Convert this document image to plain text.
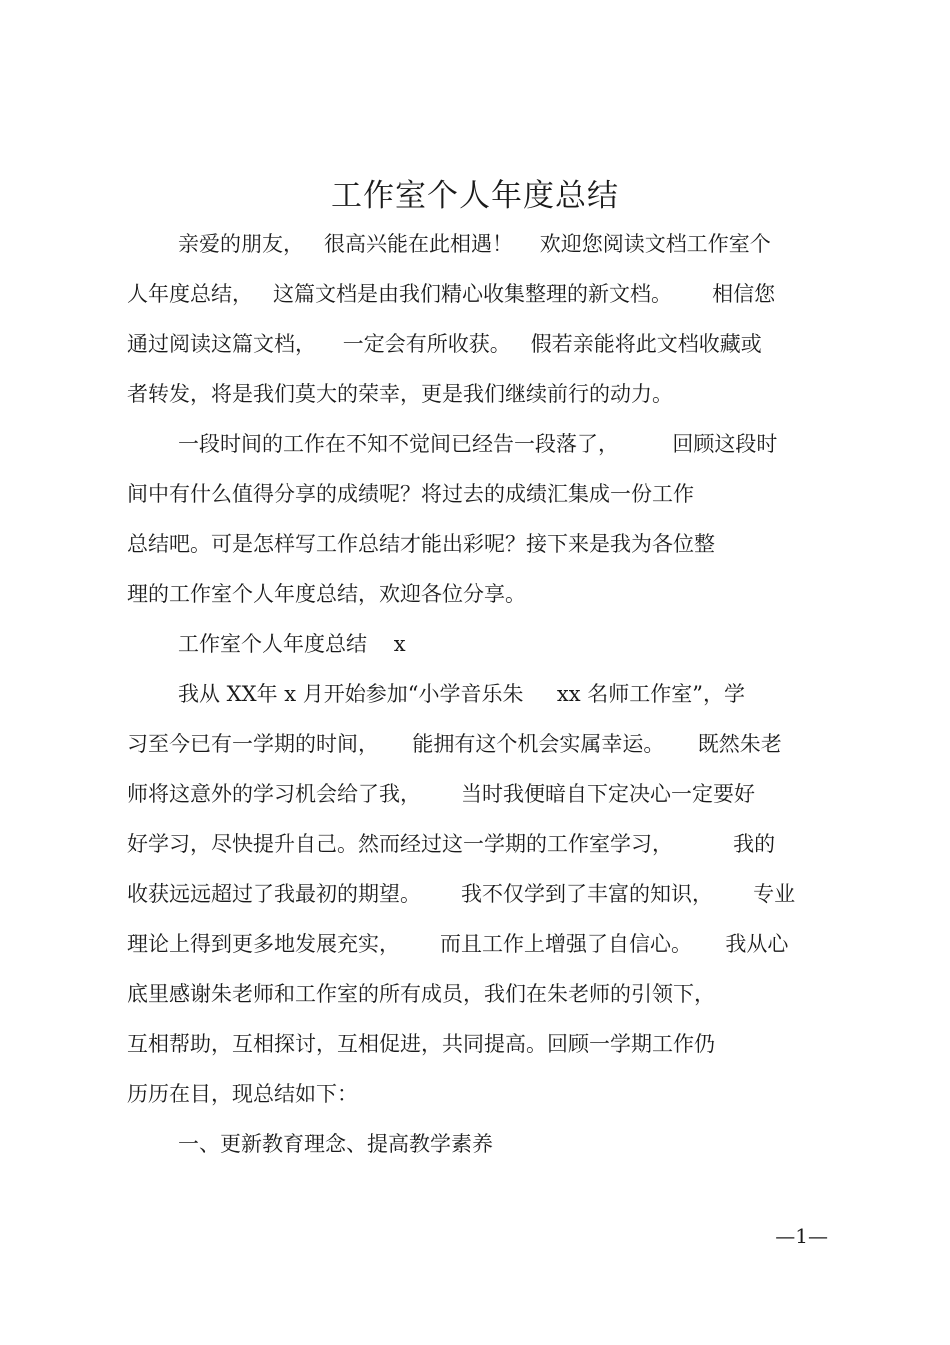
工作室个人年度总结
亲爱的朋友，   很高兴能在此相遇！    欢迎您阅读文档工作室个
人年度总结，   这篇文档是由我们精心收集整理的新文档。      相信您
通过阅读这篇文档，    一定会有所收获。   假若亲能将此文档收藏或
者转发，将是我们莫大的荣幸，更是我们继续前行的动力。
一段时间的工作在不知不觉间已经告一段落了，        回顾这段时
间中有什么值得分享的成绩呢？将过去的成绩汇集成一份工作
总结吧。可是怎样写工作总结才能出彩呢？接下来是我为各位整
理的工作室个人年度总结，欢迎各位分享。
工作室个人年度总结    x
我从 XX年 x 月开始参加“小学音乐朱     xx 名师工作室”，学
习至今已有一学期的时间，     能拥有这个机会实属幸运。     既然朱老
师将这意外的学习机会给了我，      当时我便暗自下定决心一定要好
好学习，尽快提升自己。然而经过这一学期的工作室学习，         我的
收获远远超过了我最初的期望。      我不仅学到了丰富的知识，      专业
理论上得到更多地发展充实，      而且工作上增强了自信心。     我从心
底里感谢朱老师和工作室的所有成员，我们在朱老师的引领下，
互相帮助，互相探讨，互相促进，共同提高。回顾一学期工作仍
历历在目，现总结如下：
一、更新教育理念、提高教学素养
—1—
